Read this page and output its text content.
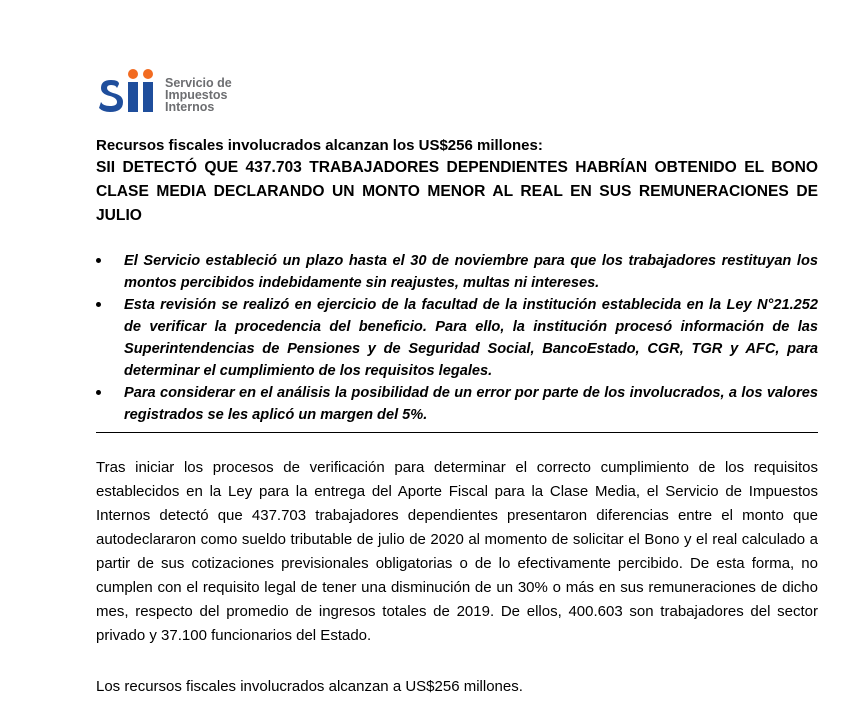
Servicio de
Impuestos
Internos
Recursos fiscales involucrados alcanzan los US$256 millones:
SII DETECTÓ QUE 437.703 TRABAJADORES DEPENDIENTES HABRÍAN OBTENIDO EL BONO CLASE MEDIA DECLARANDO UN MONTO MENOR AL REAL EN SUS REMUNERACIONES DE JULIO
El Servicio estableció un plazo hasta el 30 de noviembre para que los trabajadores restituyan los montos percibidos indebidamente sin reajustes, multas ni intereses.
Esta revisión se realizó en ejercicio de la facultad de la institución establecida en la Ley N°21.252 de verificar la procedencia del beneficio. Para ello, la institución procesó información de las Superintendencias de Pensiones y de Seguridad Social, BancoEstado, CGR, TGR y AFC, para determinar el cumplimiento de los requisitos legales.
Para considerar en el análisis la posibilidad de un error por parte de los involucrados, a los valores registrados se les aplicó un margen del 5%.

Tras iniciar los procesos de verificación para determinar el correcto cumplimiento de los requisitos establecidos en la Ley para la entrega del Aporte Fiscal para la Clase Media, el Servicio de Impuestos Internos detectó que 437.703 trabajadores dependientes presentaron diferencias entre el monto que autodeclararon como sueldo tributable de julio de 2020 al momento de solicitar el Bono y el real calculado a partir de sus cotizaciones previsionales obligatorias o de lo efectivamente percibido. De esta forma, no cumplen con el requisito legal de tener una disminución de un 30% o más en sus remuneraciones de dicho mes, respecto del promedio de ingresos totales de 2019. De ellos, 400.603 son trabajadores del sector privado y 37.100 funcionarios del Estado.

Los recursos fiscales involucrados alcanzan a US$256 millones.
